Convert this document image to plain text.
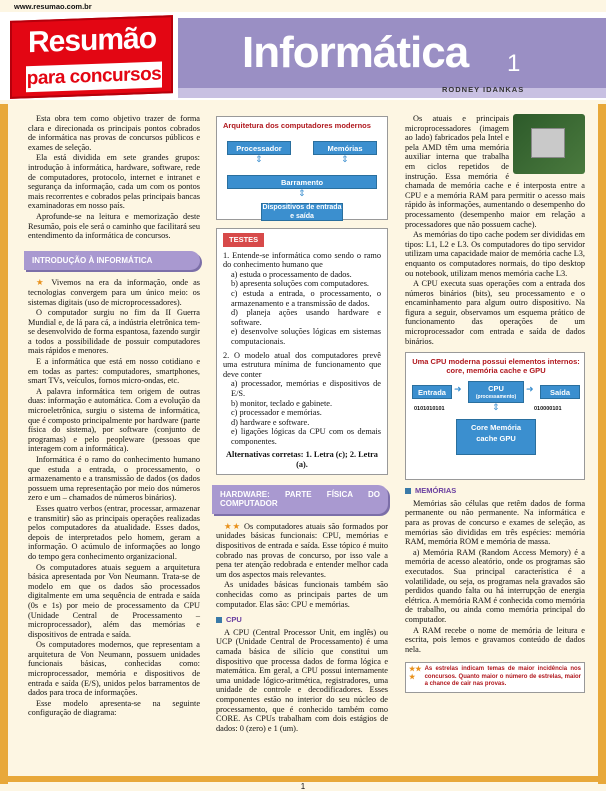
www.resumao.com.br
Resumão
para concursos Informática 1
RODNEY IDANKAS
1

Esta obra tem como objetivo trazer de forma clara e direcionada os principais pontos cobrados de informática nas provas de concursos públicos e exames de seleção.

Ela está dividida em sete grandes grupos: introdução à informática, hardware, software, rede de computadores, protocolo, internet e intranet e segurança da informação, cada um com os pontos mais recorrentes e cobrados pelas principais bancas examinadoras em nosso país.

Aprofunde-se na leitura e memorização deste Resumão, pois ele será o caminho que facilitará seu entendimento da informática de concursos.

INTRODUÇÃO À INFORMÁTICA

★ Vivemos na era da informação, onde as tecnologias convergem para um único meio: os sistemas digitais (uso de microprocessadores).

O computador surgiu no fim da II Guerra Mundial e, de lá para cá, a indústria eletrônica tem-se desenvolvido de forma espantosa, fazendo surgir a todos a possibilidade de possuir computadores mais rápidos e menores.

E a informática que está em nosso cotidiano e em todas as partes: computadores, smartphones, smart TVs, veículos, fornos micro-ondas, etc.

A palavra informática tem origem de outras duas: informação e automática. Com a evolução da microeletrônica, surgiu o sistema de informática, que é composto principalmente por hardware (parte física do sistema), por software (conjunto de programas) e pelo peopleware (pessoas que interagem com a informática).

Informática é o ramo do conhecimento humano que estuda a entrada, o processamento, o armazenamento e a transmissão de dados (os dados possuem uma representação por meio dos números zero e um – chamados de números binários).

Esses quatro verbos (entrar, processar, armazenar e transmitir) são as principais operações realizadas pelos computadores da atualidade. Esses dados, depois de interpretados pelo homem, geram a informação. O acúmulo de informações ao longo do tempo gera conhecimento organizacional.

Os computadores atuais seguem a arquitetura básica apresentada por Von Neumann. Trata-se de modelo em que os dados são processados digitalmente em uma sequência de entrada e saída (0s e 1s) por meio de processamento da CPU (Unidade Central de Processamento – microprocessador), além das memórias e dispositivos de entrada e saída.

Os computadores modernos, que representam a arquitetura de Von Neumann, possuem unidades funcionais básicas, conhecidas como: microprocessador, memória e dispositivos de entrada e saída (E/S), unidos pelos barramentos de dados para troca de informações.

Esse modelo apresenta-se na seguinte configuração de diagrama:

Arquitetura dos computadores modernos
Processador	Memórias
⇕	⇕
Barramento
⇕
Dispositivos de entrada e saída
TESTES
1. Entende-se informática como sendo o ramo do conhecimento humano que
a) estuda o processamento de dados.
b) apresenta soluções com computadores.
c) estuda a entrada, o processamento, o armazenamento e a transmissão de dados.
d) planeja ações usando hardware e software.
e) desenvolve soluções lógicas em sistemas computacionais.
2. O modelo atual dos computadores prevê uma estrutura mínima de funcionamento que deve conter
a) processador, memórias e dispositivos de E/S.
b) monitor, teclado e gabinete.
c) processador e memórias.
d) hardware e software.
e) ligações lógicas da CPU com os demais componentes.
Alternativas corretas: 1. Letra (c); 2. Letra (a).
HARDWARE: PARTE FÍSICA DO COMPUTADOR

★★ Os computadores atuais são formados por unidades básicas funcionais: CPU, memórias e dispositivos de entrada e saída. Esse tópico é muito cobrado nas provas de concurso, por isso vale a pena ter atenção redobrada e entender melhor cada um dos aspectos mais relevantes.

As unidades básicas funcionais também são conhecidas como as principais partes de um computador. Elas são: CPU e memórias.

CPU

A CPU (Central Processor Unit, em inglês) ou UCP (Unidade Central de Processamento) é uma camada básica de silício que constitui um dispositivo que processa dados de forma lógica e matemática. Em geral, a CPU possui internamente uma unidade lógico-aritmética, registradores, uma unidade de controle e decodificadores. Esses componentes estão no interior do seu núcleo de processamento, que é conhecido também como CORE. As CPUs trabalham com dois estágios de dados: 0 (zero) e 1 (um).

Os atuais e principais microprocessadores (imagem ao lado) fabricados pela Intel e pela AMD têm uma memória auxiliar interna que trabalha em ciclos repetidos de instrução. Essa memória é chamada de memória cache e é interposta entre a CPU e a memória RAM para permitir o acesso mais rápido às informações, aumentando o desempenho do processamento (desempenho maior em relação a processadores que não possuem cache).

As memórias do tipo cache podem ser divididas em tipos: L1, L2 e L3. Os computadores do tipo servidor utilizam uma capacidade maior de memória cache L3, enquanto os computadores normais, do tipo desktop ou notebook, utilizam menos memória cache L3.

A CPU executa suas operações com a entrada dos números binários (bits), seu processamento e o encaminhamento para algum outro dispositivo. Na figura a seguir, observamos um esquema prático de funcionamento das operações de um microprocessador com entrada e saída de dados binários.

Uma CPU moderna possui elementos internos: core, memória cache e GPU
Entrada ➜	CPU
(processamento)
➜	Saída
0101010101	010000101
⇕
Core Memória cache GPU
MEMÓRIAS

Memórias são células que retêm dados de forma permanente ou não permanente. Na informática e para as provas de concurso e exames de seleção, as memórias são divididas em três espécies: memória RAM, memória ROM e memória de massa.

a) Memória RAM (Random Access Memory) é a memória de acesso aleatório, onde os programas são executados. Sua principal característica é a volatilidade, ou seja, os programas nela gravados são perdidos quando falta ou há interrupção de energia elétrica. A memória RAM é conhecida como memória de trabalho, ou ainda como memória principal do computador.

A RAM recebe o nome de memória de leitura e escrita, pois lemos e gravamos conteúdo de dados nela.

★★
★
As estrelas indicam temas de maior incidência nos concursos. Quanto maior o número de estrelas, maior a chance de cair nas provas.
